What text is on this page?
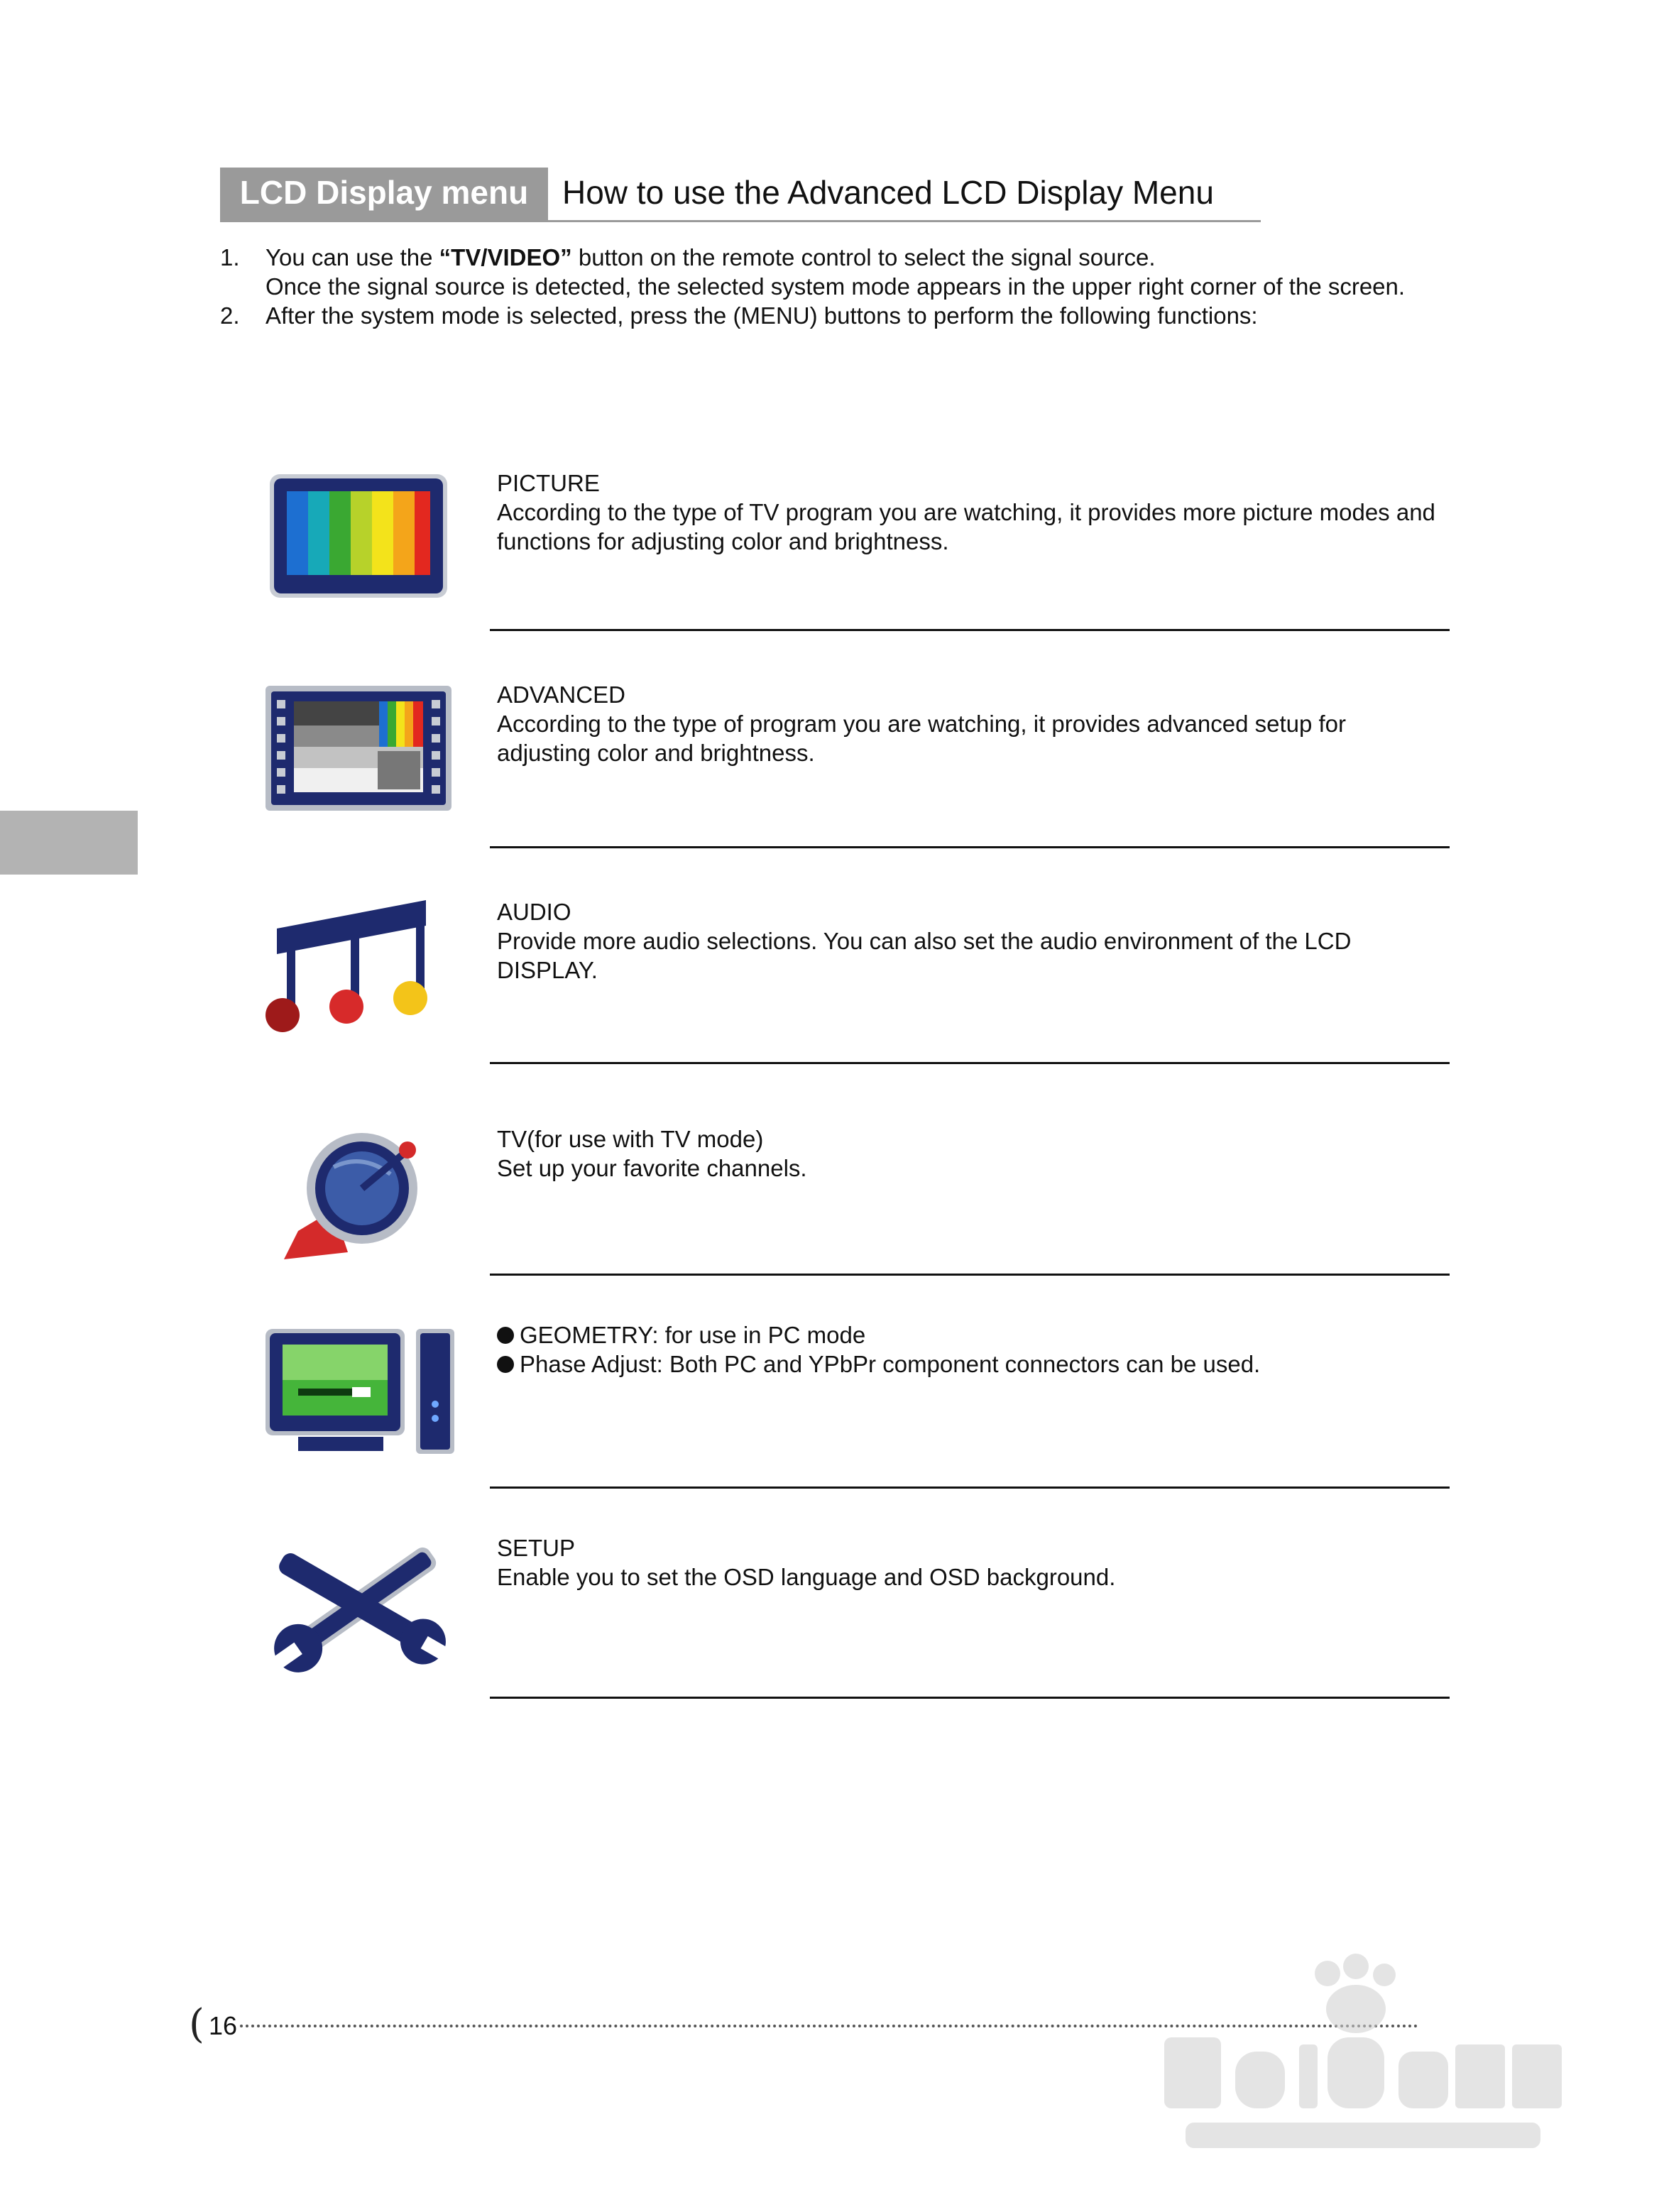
LCD Display menu	How to use the Advanced LCD Display Menu
1.	You can use the “TV/VIDEO” button on the remote control to select the signal source.
Once the signal source is detected, the selected system mode appears in the upper right corner of the screen.
2.	After the system mode is selected, press the (MENU) buttons to perform the following functions:
PICTURE
According to the type of TV program you are watching, it provides more picture modes and functions for adjusting color and brightness.
ADVANCED
According to the type of program you are watching, it provides advanced setup for adjusting color and brightness.
AUDIO
Provide more audio selections. You can also set the audio environment of the LCD DISPLAY.
TV(for use with TV mode)
Set up your favorite channels.
GEOMETRY: for use in PC mode
Phase Adjust: Both PC and YPbPr component connectors can be used.
SETUP
Enable you to set the OSD language and OSD background.
( 16
